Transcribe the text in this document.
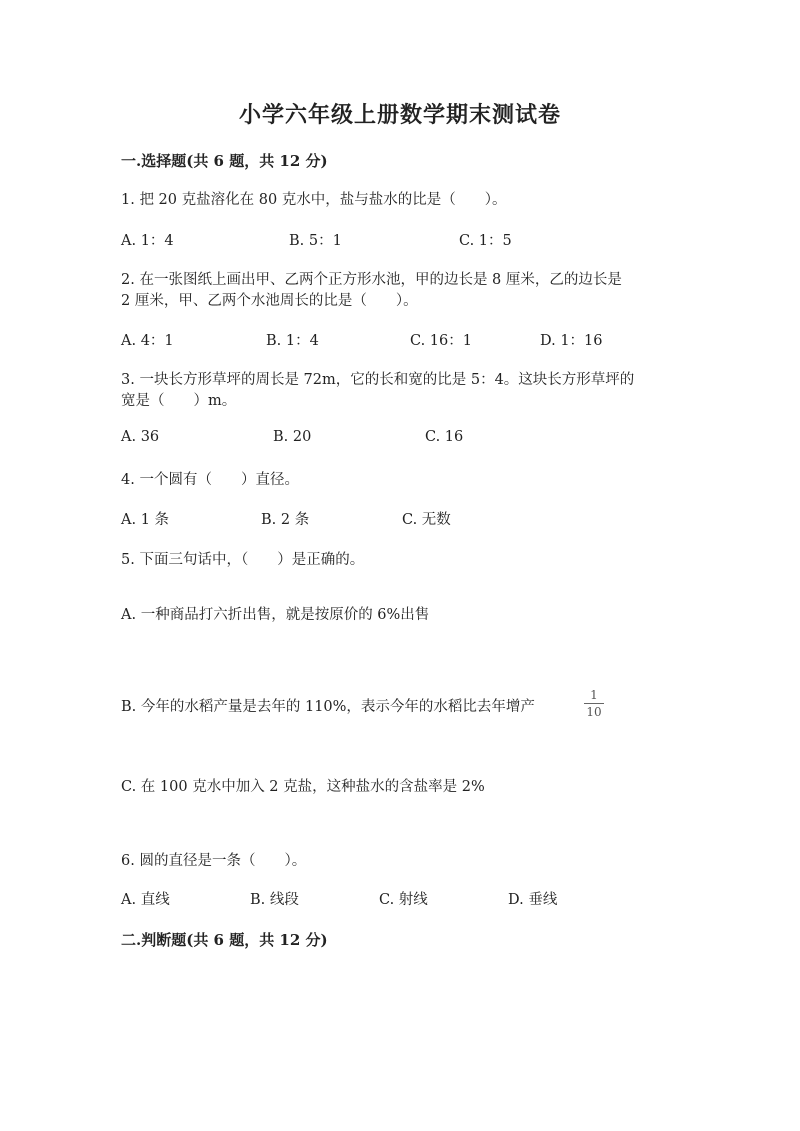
小学六年级上册数学期末测试卷
一.选择题(共 6 题，共 12 分)
1. 把 20 克盐溶化在 80 克水中，盐与盐水的比是（　　）。
A. 1：4	B. 5：1	C. 1：5
2. 在一张图纸上画出甲、乙两个正方形水池，甲的边长是 8 厘米，乙的边长是
2 厘米，甲、乙两个水池周长的比是（　　）。
A. 4：1	B. 1：4	C. 16：1	D. 1：16
3. 一块长方形草坪的周长是 72m，它的长和宽的比是 5：4。这块长方形草坪的
宽是（　　）m。
A. 36	B. 20	C. 16
4. 一个圆有（　　）直径。
A. 1 条	B. 2 条	C. 无数
5. 下面三句话中，（　　）是正确的。
A. 一种商品打六折出售，就是按原价的 6%出售
B. 今年的水稻产量是去年的 110%，表示今年的水稻比去年增产
1
10
C. 在 100 克水中加入 2 克盐，这种盐水的含盐率是 2%
6. 圆的直径是一条（　　）。
A. 直线	B. 线段	C. 射线	D. 垂线
二.判断题(共 6 题，共 12 分)
